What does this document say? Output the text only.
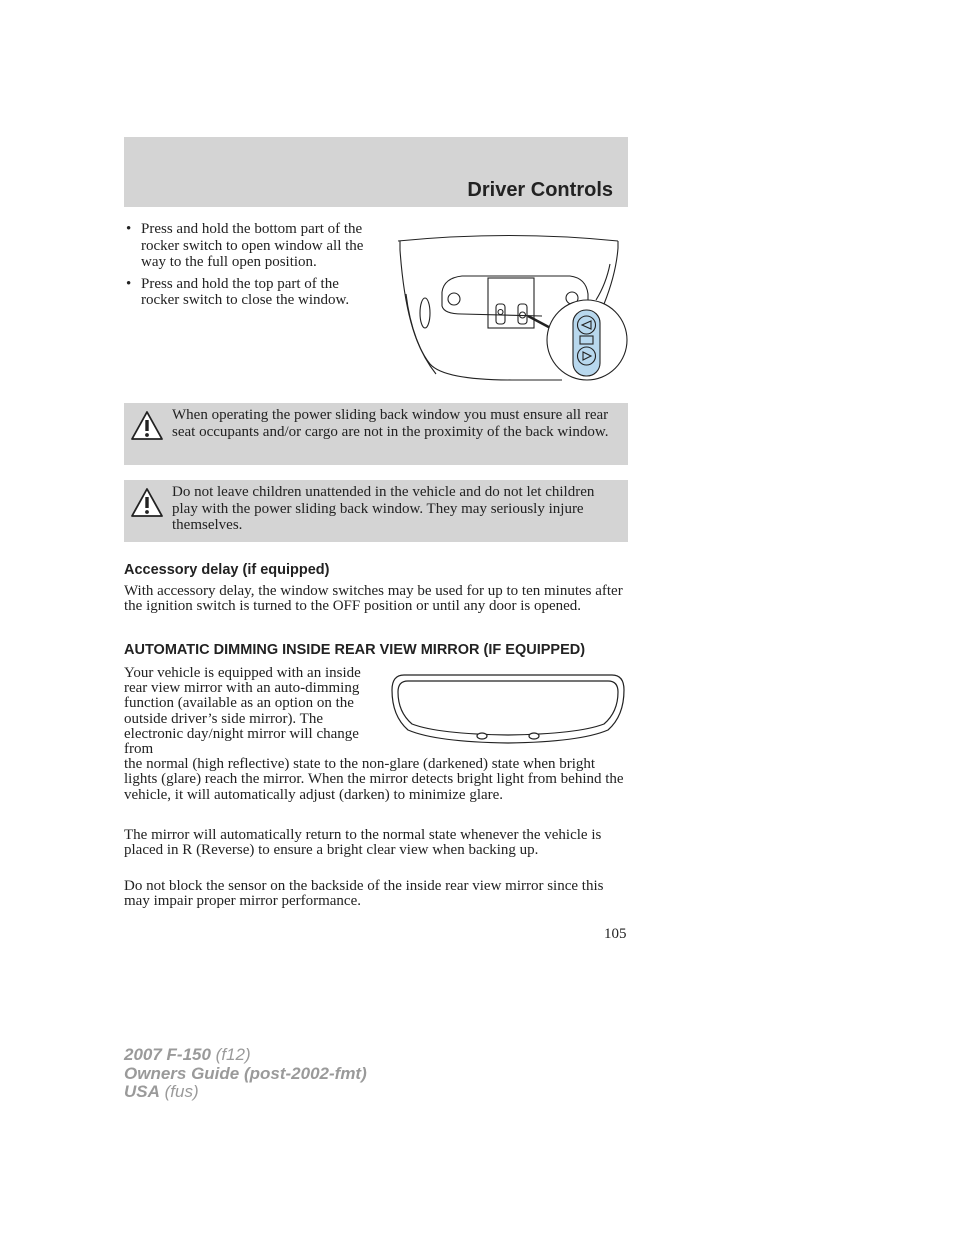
Driver Controls
• Press and hold the bottom part of the rocker switch to open window all the way to the full open position.
• Press and hold the top part of the rocker switch to close the window.
When operating the power sliding back window you must ensure all rear seat occupants and/or cargo are not in the proximity of the back window.
Do not leave children unattended in the vehicle and do not let children play with the power sliding back window. They may seriously injure themselves.
Accessory delay (if equipped)
With accessory delay, the window switches may be used for up to ten minutes after the ignition switch is turned to the OFF position or until any door is opened.
AUTOMATIC DIMMING INSIDE REAR VIEW MIRROR (IF EQUIPPED)
Your vehicle is equipped with an inside rear view mirror with an auto-dimming function (available as an option on the outside driver’s side mirror). The electronic day/night mirror will change from
the normal (high reflective) state to the non-glare (darkened) state when bright lights (glare) reach the mirror. When the mirror detects bright light from behind the vehicle, it will automatically adjust (darken) to minimize glare.
The mirror will automatically return to the normal state whenever the vehicle is placed in R (Reverse) to ensure a bright clear view when backing up.
Do not block the sensor on the backside of the inside rear view mirror since this may impair proper mirror performance.
105
2007 F-150 (f12)
Owners Guide (post-2002-fmt)
USA (fus)
